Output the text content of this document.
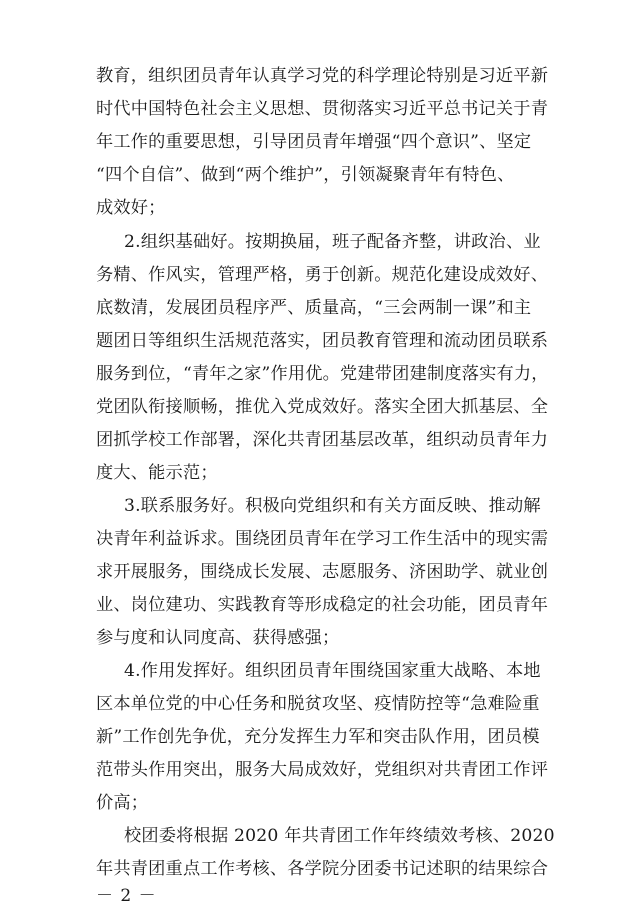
教育，组织团员青年认真学习党的科学理论特别是习近平新
时代中国特色社会主义思想、贯彻落实习近平总书记关于青
年工作的重要思想，引导团员青年增强“四个意识”、坚定
“四个自信”、做到“两个维护”，引领凝聚青年有特色、
成效好；
2.组织基础好。按期换届，班子配备齐整，讲政治、业
务精、作风实，管理严格，勇于创新。规范化建设成效好、
底数清，发展团员程序严、质量高，“三会两制一课”和主
题团日等组织生活规范落实，团员教育管理和流动团员联系
服务到位，“青年之家”作用优。党建带团建制度落实有力，
党团队衔接顺畅，推优入党成效好。落实全团大抓基层、全
团抓学校工作部署，深化共青团基层改革，组织动员青年力
度大、能示范；
3.联系服务好。积极向党组织和有关方面反映、推动解
决青年利益诉求。围绕团员青年在学习工作生活中的现实需
求开展服务，围绕成长发展、志愿服务、济困助学、就业创
业、岗位建功、实践教育等形成稳定的社会功能，团员青年
参与度和认同度高、获得感强；
4.作用发挥好。组织团员青年围绕国家重大战略、本地
区本单位党的中心任务和脱贫攻坚、疫情防控等“急难险重
新”工作创先争优，充分发挥生力军和突击队作用，团员模
范带头作用突出，服务大局成效好，党组织对共青团工作评
价高；
校团委将根据 2020 年共青团工作年终绩效考核、2020
年共青团重点工作考核、各学院分团委书记述职的结果综合
－ 2 －
